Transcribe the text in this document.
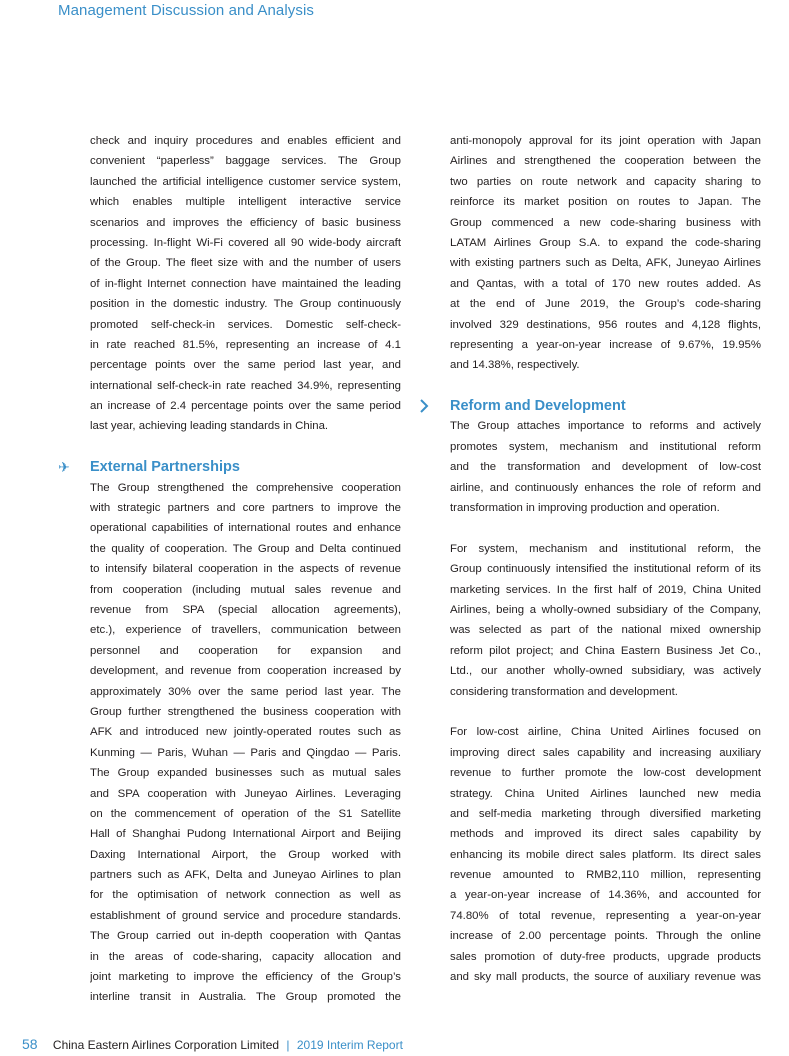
Management Discussion and Analysis
check and inquiry procedures and enables efficient and
convenient “paperless” baggage services. The Group
launched the artificial intelligence customer service system,
which enables multiple intelligent interactive service
scenarios and improves the efficiency of basic business
processing. In-flight Wi-Fi covered all 90 wide-body aircraft
of the Group. The fleet size with and the number of users
of in-flight Internet connection have maintained the leading
position in the domestic industry. The Group continuously
promoted self-check-in services. Domestic self-check-
in rate reached 81.5%, representing an increase of 4.1
percentage points over the same period last year, and
international self-check-in rate reached 34.9%, representing
an increase of 2.4 percentage points over the same period
last year, achieving leading standards in China.
✈ External Partnerships
The Group strengthened the comprehensive cooperation
with strategic partners and core partners to improve the
operational capabilities of international routes and enhance
the quality of cooperation. The Group and Delta continued
to intensify bilateral cooperation in the aspects of revenue
from cooperation (including mutual sales revenue and
revenue from SPA (special allocation agreements),
etc.), experience of travellers, communication between
personnel and cooperation for expansion and
development, and revenue from cooperation increased by
approximately 30% over the same period last year. The
Group further strengthened the business cooperation with
AFK and introduced new jointly-operated routes such as
Kunming — Paris, Wuhan — Paris and Qingdao — Paris.
The Group expanded businesses such as mutual sales
and SPA cooperation with Juneyao Airlines. Leveraging
on the commencement of operation of the S1 Satellite
Hall of Shanghai Pudong International Airport and Beijing
Daxing International Airport, the Group worked with
partners such as AFK, Delta and Juneyao Airlines to plan
for the optimisation of network connection as well as
establishment of ground service and procedure standards.
The Group carried out in-depth cooperation with Qantas
in the areas of code-sharing, capacity allocation and
joint marketing to improve the efficiency of the Group’s
interline transit in Australia. The Group promoted the
anti-monopoly approval for its joint operation with Japan
Airlines and strengthened the cooperation between the
two parties on route network and capacity sharing to
reinforce its market position on routes to Japan. The
Group commenced a new code-sharing business with
LATAM Airlines Group S.A. to expand the code-sharing
with existing partners such as Delta, AFK, Juneyao Airlines
and Qantas, with a total of 170 new routes added. As
at the end of June 2019, the Group’s code-sharing
involved 329 destinations, 956 routes and 4,128 flights,
representing a year-on-year increase of 9.67%, 19.95%
and 14.38%, respectively.
Reform and Development
The Group attaches importance to reforms and actively
promotes system, mechanism and institutional reform
and the transformation and development of low-cost
airline, and continuously enhances the role of reform and
transformation in improving production and operation.
For system, mechanism and institutional reform, the
Group continuously intensified the institutional reform of its
marketing services. In the first half of 2019, China United
Airlines, being a wholly-owned subsidiary of the Company,
was selected as part of the national mixed ownership
reform pilot project; and China Eastern Business Jet Co.,
Ltd., our another wholly-owned subsidiary, was actively
considering transformation and development.
For low-cost airline, China United Airlines focused on
improving direct sales capability and increasing auxiliary
revenue to further promote the low-cost development
strategy. China United Airlines launched new media
and self-media marketing through diversified marketing
methods and improved its direct sales capability by
enhancing its mobile direct sales platform. Its direct sales
revenue amounted to RMB2,110 million, representing
a year-on-year increase of 14.36%, and accounted for
74.80% of total revenue, representing a year-on-year
increase of 2.00 percentage points. Through the online
sales promotion of duty-free products, upgrade products
and sky mall products, the source of auxiliary revenue was
58 China Eastern Airlines Corporation Limited | 2019 Interim Report
